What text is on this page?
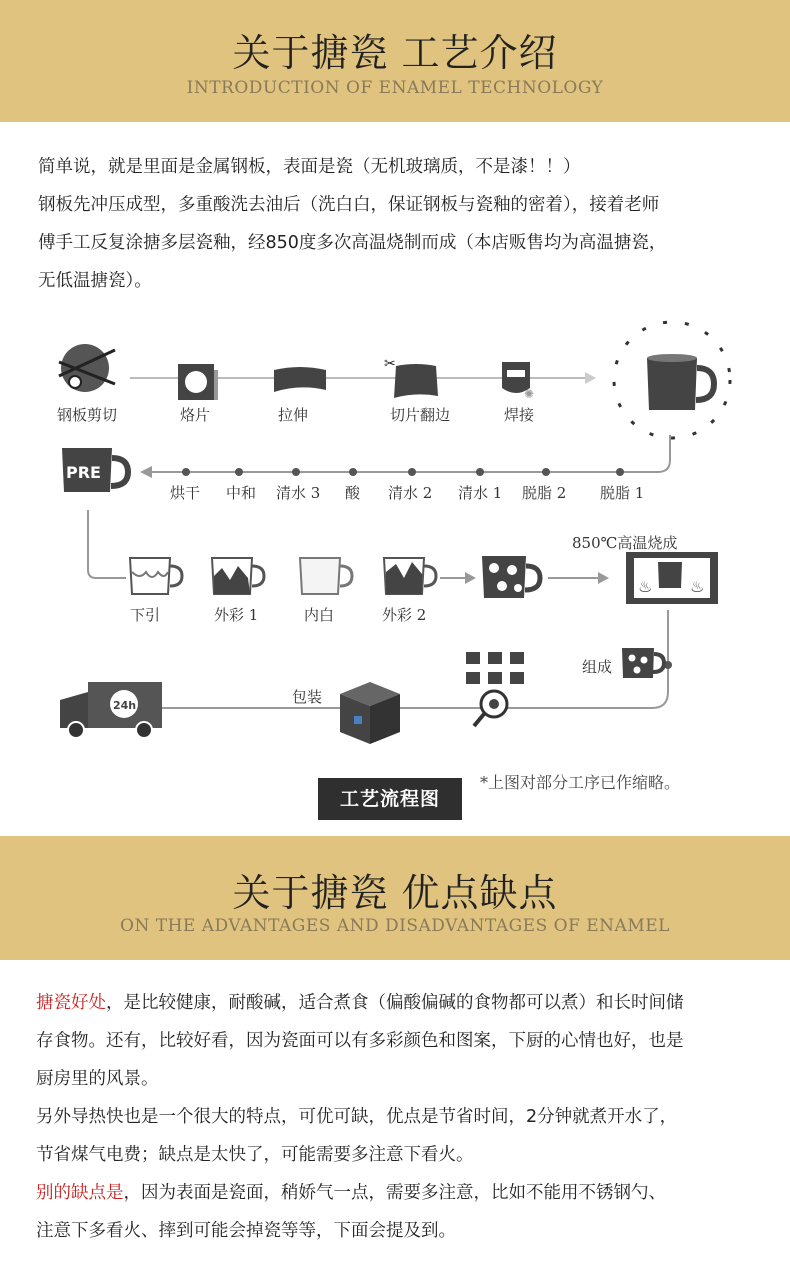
关于搪瓷 工艺介绍
INTRODUCTION OF ENAMEL TECHNOLOGY

简单说，就是里面是金属钢板，表面是瓷（无机玻璃质，不是漆！！）

钢板先冲压成型，多重酸洗去油后（洗白白，保证钢板与瓷釉的密着），接着老师

傅手工反复涂搪多层瓷釉，经850度多次高温烧制而成（本店贩售均为高温搪瓷，

无低温搪瓷）。

✂
✺
PRE
♨ ♨
24h
钢板剪切	烙片	拉伸	切片翻边	焊接
烘干 中和 清水 3 酸 清水 2 清水 1 脱脂 2 脱脂 1
下引	外彩 1	内白	外彩 2
850℃高温烧成
组成
包装
*上图对部分工序已作缩略。
工艺流程图
关于搪瓷 优点缺点
ON THE ADVANTAGES AND DISADVANTAGES OF ENAMEL

搪瓷好处，是比较健康，耐酸碱，适合煮食（偏酸偏碱的食物都可以煮）和长时间储

存食物。还有，比较好看，因为瓷面可以有多彩颜色和图案，下厨的心情也好，也是

厨房里的风景。

另外导热快也是一个很大的特点，可优可缺，优点是节省时间，2分钟就煮开水了，

节省煤气电费；缺点是太快了，可能需要多注意下看火。

别的缺点是，因为表面是瓷面，稍娇气一点，需要多注意，比如不能用不锈钢勺、

注意下多看火、摔到可能会掉瓷等等，下面会提及到。
